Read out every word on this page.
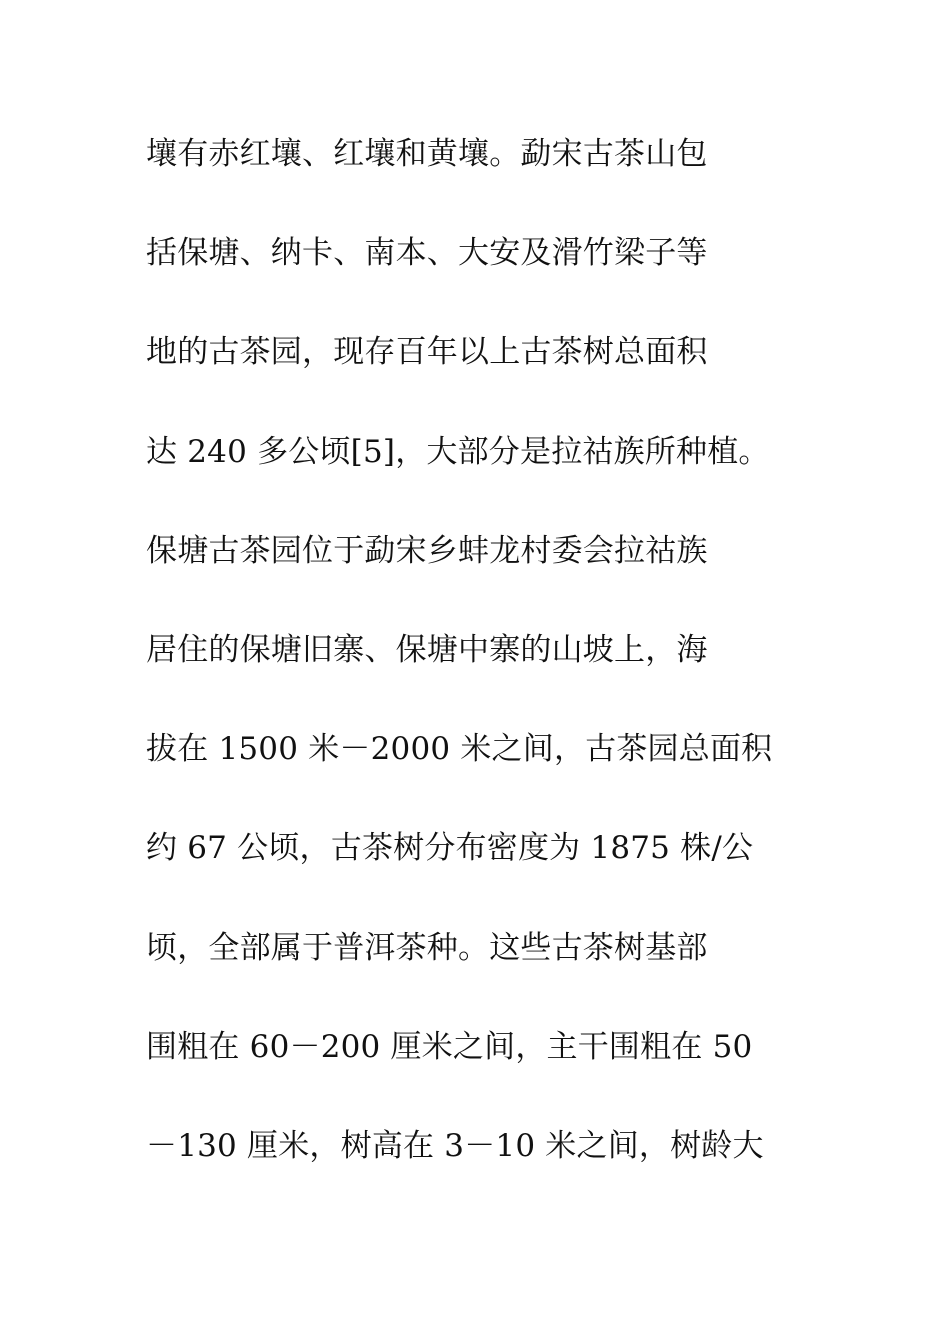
壤有赤红壤、红壤和黄壤。勐宋古茶山包
括保塘、纳卡、南本、大安及滑竹梁子等
地的古茶园，现存百年以上古茶树总面积
达 240 多公顷[5]，大部分是拉祜族所种植。
保塘古茶园位于勐宋乡蚌龙村委会拉祜族
居住的保塘旧寨、保塘中寨的山坡上，海
拔在 1500 米－2000 米之间，古茶园总面积
约 67 公顷，古茶树分布密度为 1875 株/公
顷，全部属于普洱茶种。这些古茶树基部
围粗在 60－200 厘米之间，主干围粗在 50
－130 厘米，树高在 3－10 米之间，树龄大
